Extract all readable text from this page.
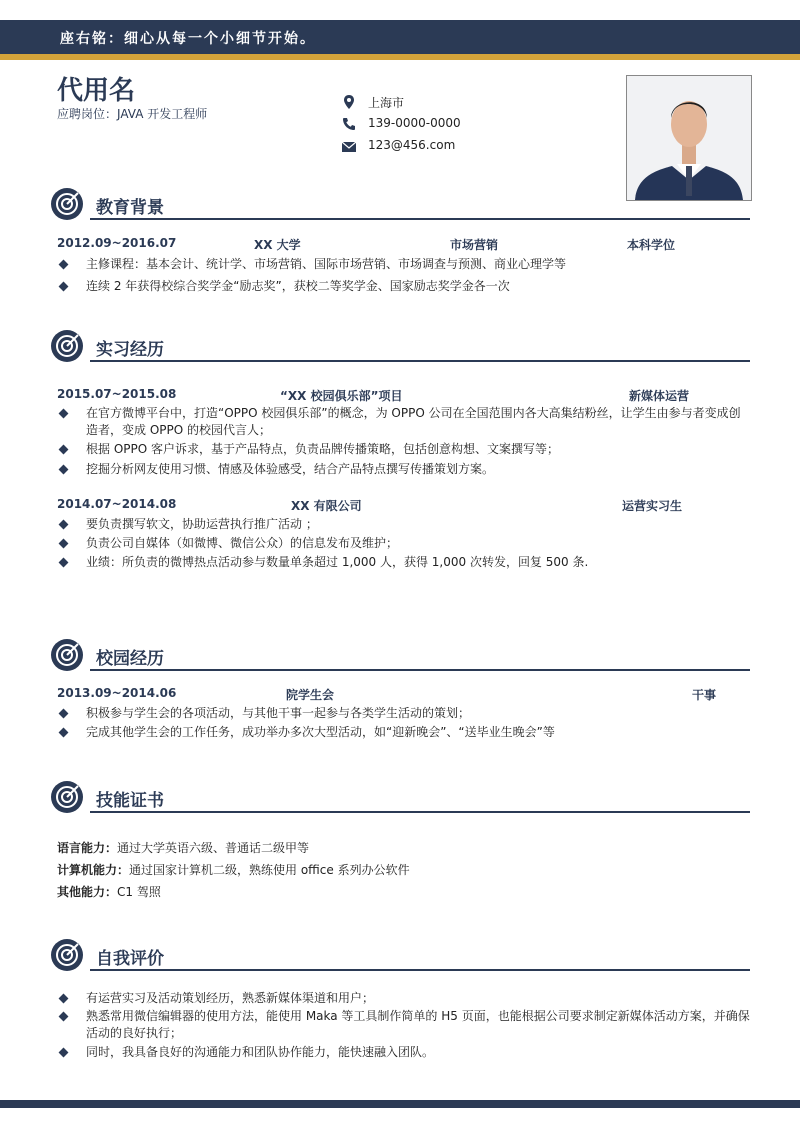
座右铭：细心从每一个小细节开始。
代用名
应聘岗位：JAVA 开发工程师
上海市
139-0000-0000
123@456.com
教育背景
2012.09~2016.07	XX 大学	市场营销	本科学位
主修课程：基本会计、统计学、市场营销、国际市场营销、市场调查与预测、商业心理学等
连续 2 年获得校综合奖学金“励志奖”，获校二等奖学金、国家励志奖学金各一次
实习经历
2015.07~2015.08	“XX 校园俱乐部”项目	新媒体运营
在官方微博平台中，打造“OPPO 校园俱乐部”的概念，为 OPPO 公司在全国范围内各大高集结粉丝，让学生由参与者变成创造者，变成 OPPO 的校园代言人；
根据 OPPO 客户诉求，基于产品特点，负责品牌传播策略，包括创意构想、文案撰写等；
挖掘分析网友使用习惯、情感及体验感受，结合产品特点撰写传播策划方案。
2014.07~2014.08	XX 有限公司	运营实习生
要负责撰写软文，协助运营执行推广活动 ；
负责公司自媒体（如微博、微信公众）的信息发布及维护；
业绩：所负责的微博热点活动参与数量单条超过 1,000 人，获得 1,000 次转发，回复 500 条.
校园经历
2013.09~2014.06	院学生会	干事
积极参与学生会的各项活动，与其他干事一起参与各类学生活动的策划；
完成其他学生会的工作任务，成功举办多次大型活动，如“迎新晚会”、“送毕业生晚会”等
技能证书
语言能力：通过大学英语六级、普通话二级甲等
计算机能力：通过国家计算机二级，熟练使用 office 系列办公软件
其他能力：C1 驾照
自我评价
有运营实习及活动策划经历，熟悉新媒体渠道和用户；
熟悉常用微信编辑器的使用方法，能使用 Maka 等工具制作简单的 H5 页面，也能根据公司要求制定新媒体活动方案，并确保活动的良好执行；
同时，我具备良好的沟通能力和团队协作能力，能快速融入团队。
